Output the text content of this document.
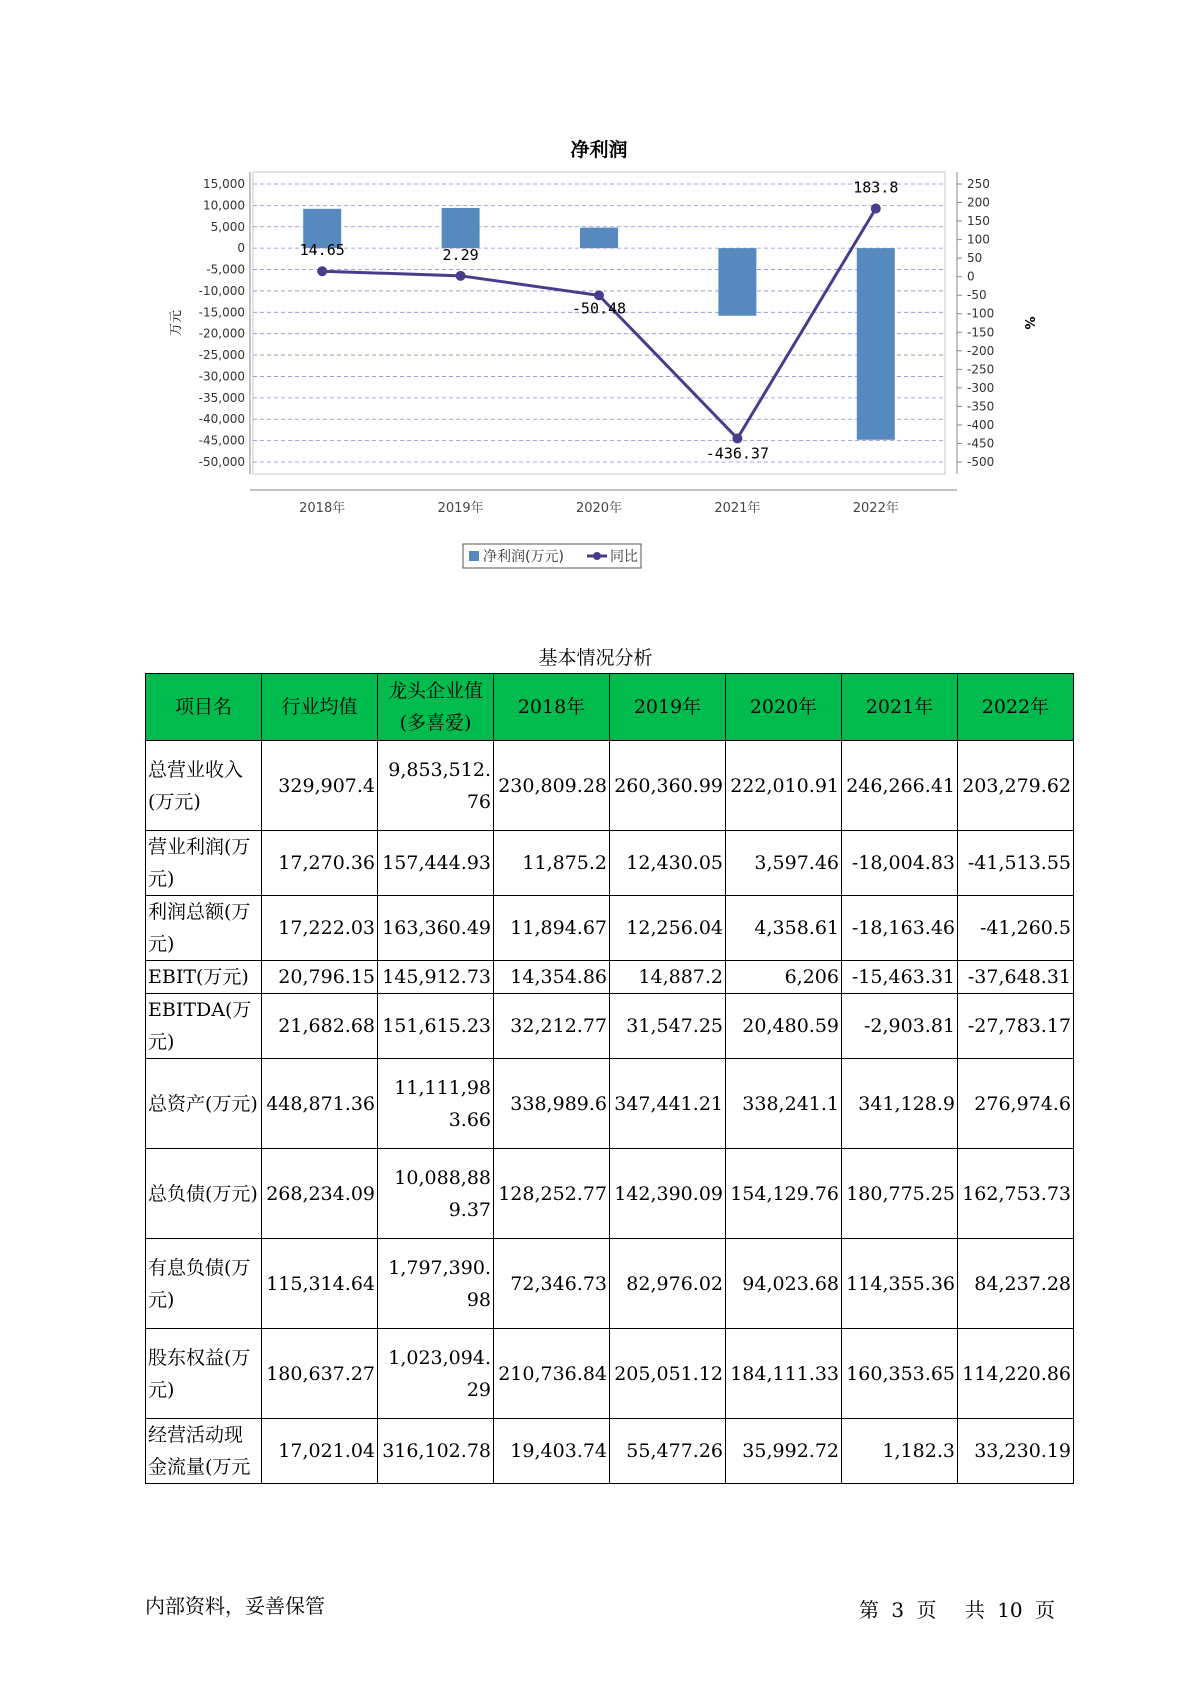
净利润
15,000
10,000
5,000
0
-5,000
-10,000
-15,000
-20,000
-25,000
-30,000
-35,000
-40,000
-45,000
-50,000
250
200
150
100
50
0
-50
-100
-150
-200
-250
-300
-350
-400
-450
-500
万元	%
2018年	2019年	2020年	2021年	2022年
14.65	2.29
-50.48
-436.37
183.8
净利润(万元)	同比
基本情况分析
项目名	行业均值	龙头企业值(多喜爱)	2018年	2019年	2020年	2021年	2022年
总营业收入(万元)	329,907.4	9,853,512.76	230,809.28	260,360.99	222,010.91	246,266.41	203,279.62
营业利润(万元)	17,270.36	157,444.93	11,875.2	12,430.05	3,597.46	-18,004.83	-41,513.55
利润总额(万元)	17,222.03	163,360.49	11,894.67	12,256.04	4,358.61	-18,163.46	-41,260.5
EBIT(万元)	20,796.15	145,912.73	14,354.86	14,887.2	6,206	-15,463.31	-37,648.31
EBITDA(万元)	21,682.68	151,615.23	32,212.77	31,547.25	20,480.59	-2,903.81	-27,783.17
总资产(万元)	448,871.36	11,111,983.66	338,989.6	347,441.21	338,241.1	341,128.9	276,974.6
总负债(万元)	268,234.09	10,088,889.37	128,252.77	142,390.09	154,129.76	180,775.25	162,753.73
有息负债(万元)	115,314.64	1,797,390.98	72,346.73	82,976.02	94,023.68	114,355.36	84,237.28
股东权益(万元)	180,637.27	1,023,094.29	210,736.84	205,051.12	184,111.33	160,353.65	114,220.86
经营活动现金流量(万元	17,021.04	316,102.78	19,403.74	55,477.26	35,992.72	1,182.3	33,230.19
内部资料，妥善保管	第 3 页 共 10 页
